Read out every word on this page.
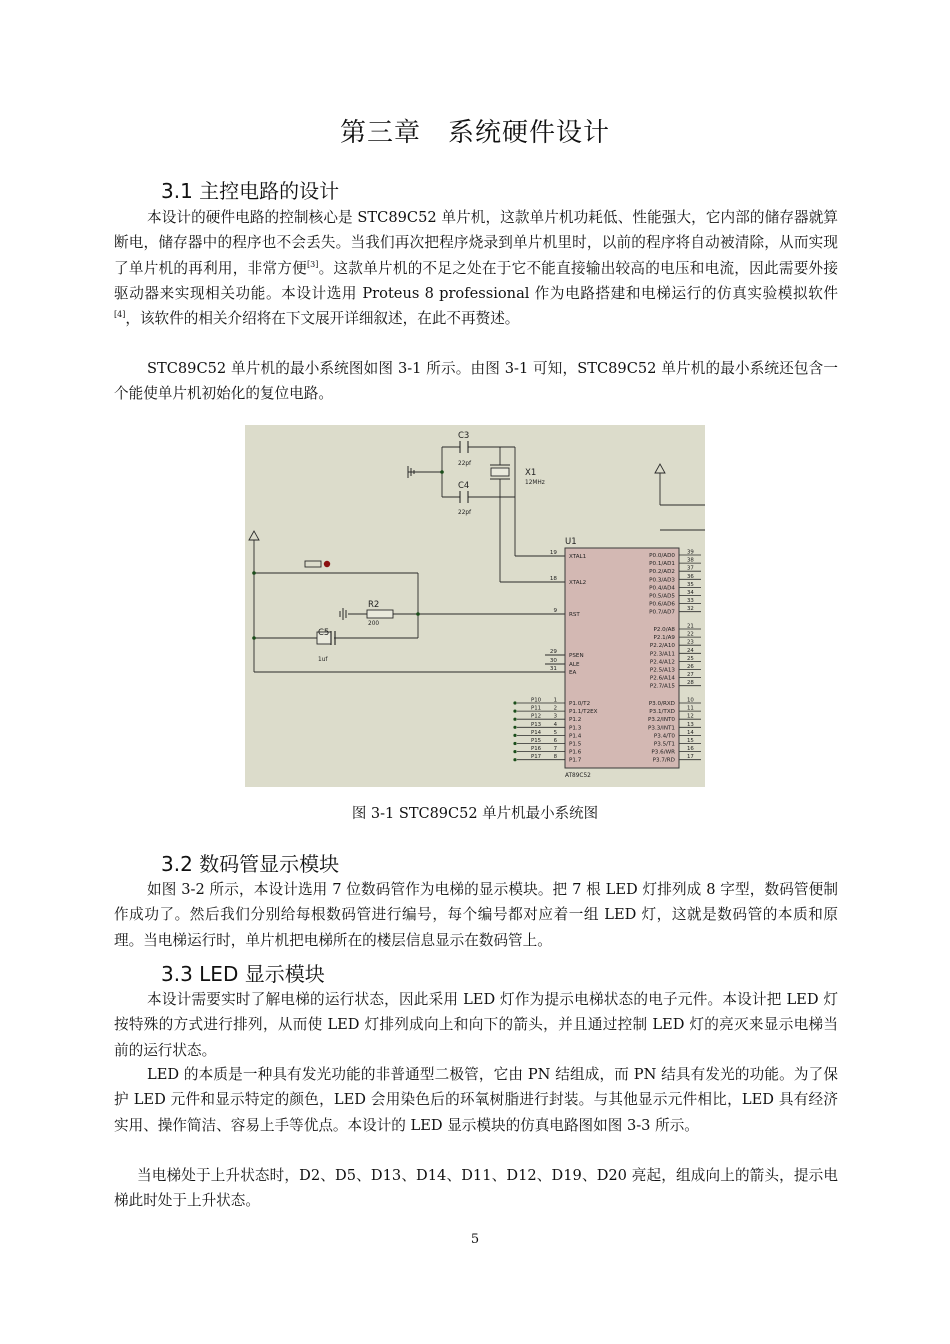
第三章　系统硬件设计
3.1 主控电路的设计

本设计的硬件电路的控制核心是 STC89C52 单片机，这款单片机功耗低、性能强大，它内部的储存器就算断电，储存器中的程序也不会丢失。当我们再次把程序烧录到单片机里时，以前的程序将自动被清除，从而实现了单片机的再利用，非常方便[3]。这款单片机的不足之处在于它不能直接输出较高的电压和电流，因此需要外接驱动器来实现相关功能。本设计选用 Proteus 8 professional 作为电路搭建和电梯运行的仿真实验模拟软件[4]，该软件的相关介绍将在下文展开详细叙述，在此不再赘述。

STC89C52 单片机的最小系统图如图 3-1 所示。由图 3-1 可知，STC89C52 单片机的最小系统还包含一个能使单片机初始化的复位电路。

C3
22pf
C4
22pf
X1
12MHz
U1
AT89C52
R2
200
C5
1uf
19
XTAL1
18
XTAL2
9
RST
29
PSEN
30
ALE
31
EA
P10 1
P1.0/T2
P11 2
P1.1/T2EX
P12 3
P1.2
P13 4
P1.3
P14 5
P1.4
P15 6
P1.5
P16 7
P1.6
P17 8
P1.7
P0.0/AD0
39
P0.1/AD1
38
P0.2/AD2
37
P0.3/AD3
36
P0.4/AD4
35
P0.5/AD5
34
P0.6/AD6
33
P0.7/AD7
32
P2.0/A8
21
P2.1/A9
22
P2.2/A10
23
P2.3/A11
24
P2.4/A12
25
P2.5/A13
26
P2.6/A14
27
P2.7/A15
28
P3.0/RXD
10
P3.1/TXD
11
P3.2/INT0
12
P3.3/INT1
13
P3.4/T0
14
P3.5/T1
15
P3.6/WR
16
P3.7/RD
17

图 3-1 STC89C52 单片机最小系统图

3.2 数码管显示模块

如图 3-2 所示，本设计选用 7 位数码管作为电梯的显示模块。把 7 根 LED 灯排列成 8 字型，数码管便制作成功了。然后我们分别给每根数码管进行编号，每个编号都对应着一组 LED 灯，这就是数码管的本质和原理。当电梯运行时，单片机把电梯所在的楼层信息显示在数码管上。

3.3 LED 显示模块

本设计需要实时了解电梯的运行状态，因此采用 LED 灯作为提示电梯状态的电子元件。本设计把 LED 灯按特殊的方式进行排列，从而使 LED 灯排列成向上和向下的箭头，并且通过控制 LED 灯的亮灭来显示电梯当前的运行状态。

LED 的本质是一种具有发光功能的非普通型二极管，它由 PN 结组成，而 PN 结具有发光的功能。为了保护 LED 元件和显示特定的颜色，LED 会用染色后的环氧树脂进行封装。与其他显示元件相比，LED 具有经济实用、操作简洁、容易上手等优点。本设计的 LED 显示模块的仿真电路图如图 3-3 所示。

当电梯处于上升状态时，D2、D5、D13、D14、D11、D12、D19、D20 亮起，组成向上的箭头，提示电梯此时处于上升状态。

5
